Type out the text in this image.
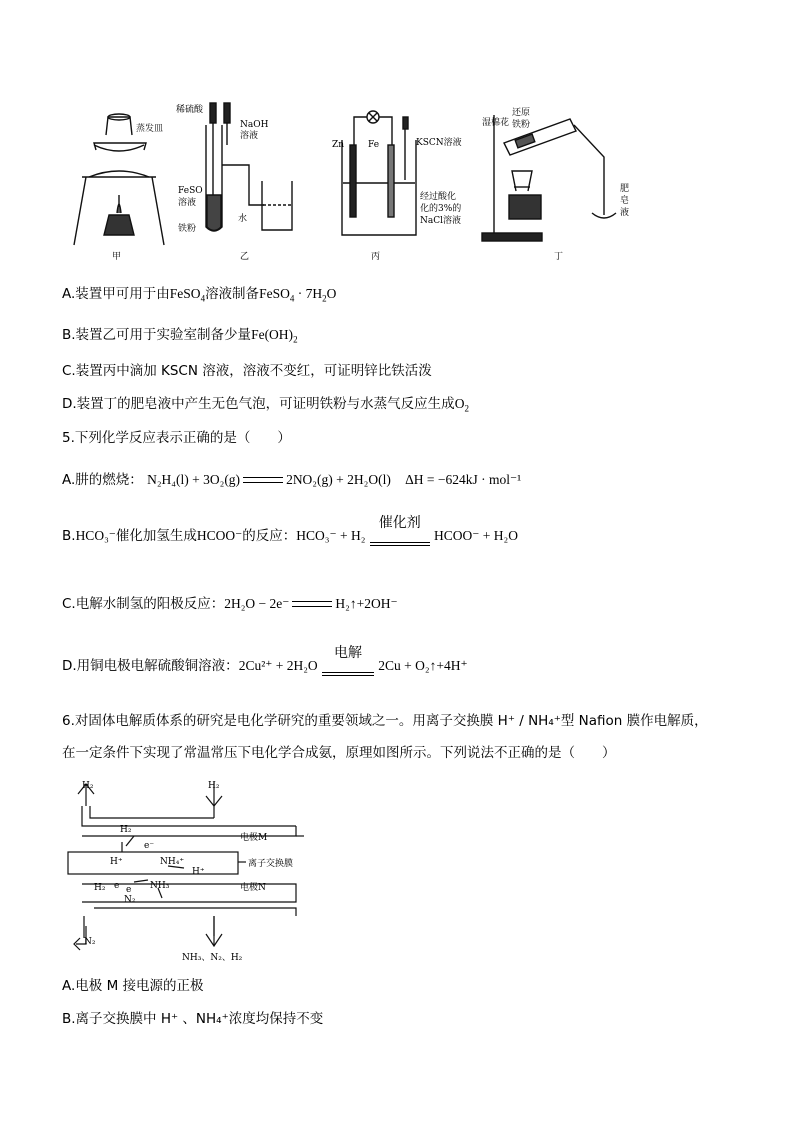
蒸发皿
稀硫酸
NaOH
溶液
FeSO
溶液
水
铁粉
Zn	Fe	KSCN溶液
经过酸化
化的3%的
NaCl溶液
湿棉花
还原
铁粉
肥
皂
液
甲	乙	丙	丁
A.装置甲可用于由FeSO$_4$溶液制备FeSO$_4$ · $7H_2O$
B.装置乙可用于实验室制备少量$Fe(OH)_2$
C.装置丙中滴加 KSCN 溶液，溶液不变红，可证明锌比铁活泼
D.装置丁的肥皂液中产生无色气泡，可证明铁粉与水蒸气反应生成$O_2$
5.下列化学反应表示正确的是（　　）
A.肼的燃烧： N₂H₄(l) + 3O₂(g)	2NO₂(g) + 2H₂O(l) ΔH = −624kJ · mol⁻¹
B.HCO₃⁻催化加氢生成HCOO⁻的反应：HCO₃⁻ + H₂
催化剂
HCOO⁻ + H₂O
C.电解水制氢的阳极反应：2H₂O − 2e⁻	H₂↑+2OH⁻
D.用铜电极电解硫酸铜溶液：2Cu²⁺ + 2H₂O
电解
2Cu + O₂↑+4H⁺
6.对固体电解质体系的研究是电化学研究的重要领域之一。用离子交换膜 H⁺ / NH₄⁺型 Nafion 膜作电解质，
在一定条件下实现了常温常压下电化学合成氨，原理如图所示。下列说法不正确的是（　　）
H₂	H₂
H₂
e⁻
H⁺	NH₄⁺
H⁺
电极M
离子交换膜
电极N
H₂ e e NH₃
N₂
N₂
NH₃、N₂、H₂
A.电极 M 接电源的正极
B.离子交换膜中 H⁺ 、NH₄⁺浓度均保持不变
